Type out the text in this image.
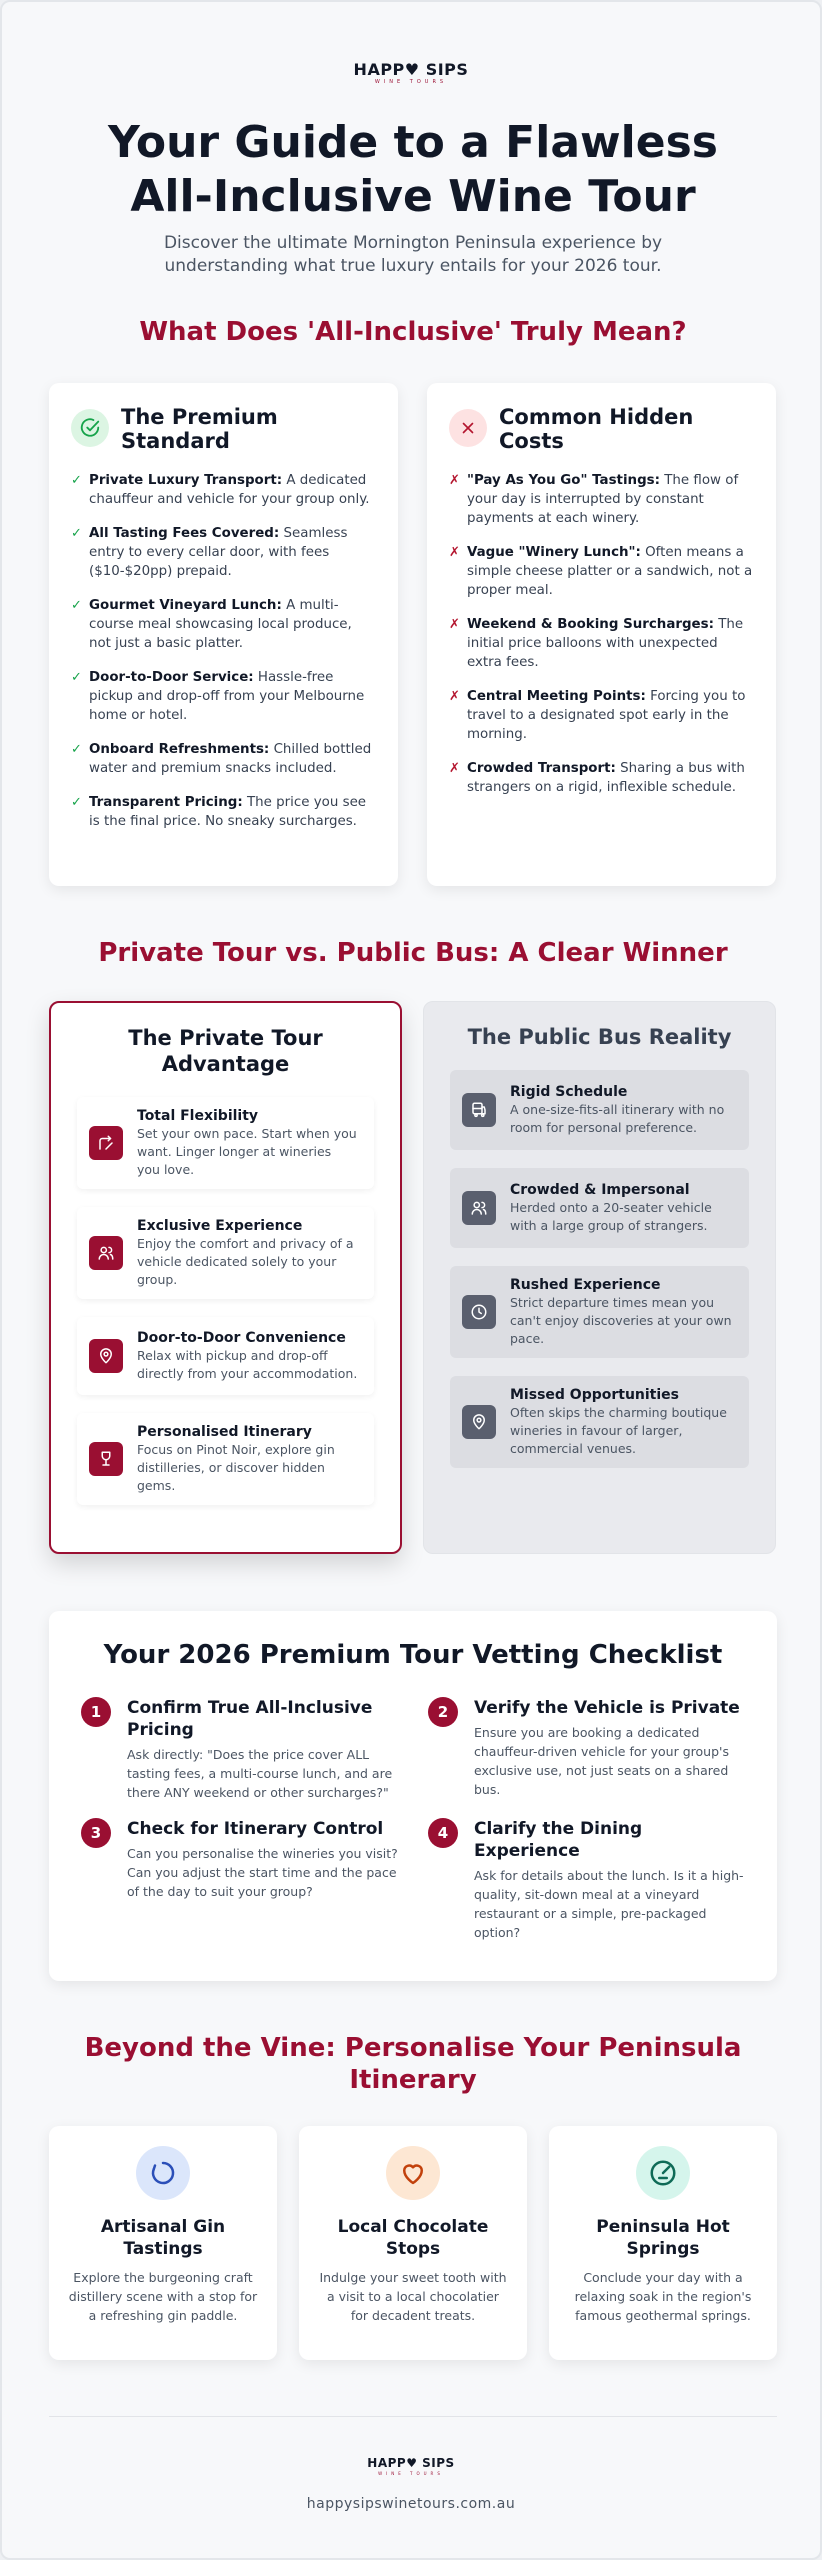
HAPP♥ SIPS
WINE TOURS
Your Guide to a Flawless All-Inclusive Wine Tour

Discover the ultimate Mornington Peninsula experience by understanding what true luxury entails for your 2026 tour.

What Does 'All-Inclusive' Truly Mean?
The Premium Standard
✓ Private Luxury Transport: A dedicated chauffeur and vehicle for your group only.
✓ All Tasting Fees Covered: Seamless entry to every cellar door, with fees ($10-$20pp) prepaid.
✓ Gourmet Vineyard Lunch: A multi-course meal showcasing local produce, not just a basic platter.
✓ Door-to-Door Service: Hassle-free pickup and drop-off from your Melbourne home or hotel.
✓ Onboard Refreshments: Chilled bottled water and premium snacks included.
✓ Transparent Pricing: The price you see is the final price. No sneaky surcharges.
Common Hidden Costs
✗ "Pay As You Go" Tastings: The flow of your day is interrupted by constant payments at each winery.
✗ Vague "Winery Lunch": Often means a simple cheese platter or a sandwich, not a proper meal.
✗ Weekend & Booking Surcharges: The initial price balloons with unexpected extra fees.
✗ Central Meeting Points: Forcing you to travel to a designated spot early in the morning.
✗ Crowded Transport: Sharing a bus with strangers on a rigid, inflexible schedule.
Private Tour vs. Public Bus: A Clear Winner
The Private Tour Advantage
Total Flexibility
Set your own pace. Start when you want. Linger longer at wineries you love.
Exclusive Experience
Enjoy the comfort and privacy of a vehicle dedicated solely to your group.
Door-to-Door Convenience
Relax with pickup and drop-off directly from your accommodation.
Personalised Itinerary
Focus on Pinot Noir, explore gin distilleries, or discover hidden gems.
The Public Bus Reality
Rigid Schedule
A one-size-fits-all itinerary with no room for personal preference.
Crowded & Impersonal
Herded onto a 20-seater vehicle with a large group of strangers.
Rushed Experience
Strict departure times mean you can't enjoy discoveries at your own pace.
Missed Opportunities
Often skips the charming boutique wineries in favour of larger, commercial venues.
Your 2026 Premium Tour Vetting Checklist
1	Confirm True All-Inclusive Pricing
Ask directly: "Does the price cover ALL tasting fees, a multi-course lunch, and are there ANY weekend or other surcharges?"
2	Verify the Vehicle is Private
Ensure you are booking a dedicated chauffeur-driven vehicle for your group's exclusive use, not just seats on a shared bus.
3	Check for Itinerary Control
Can you personalise the wineries you visit? Can you adjust the start time and the pace of the day to suit your group?
4	Clarify the Dining Experience
Ask for details about the lunch. Is it a high-quality, sit-down meal at a vineyard restaurant or a simple, pre-packaged option?
Beyond the Vine: Personalise Your Peninsula Itinerary
Artisanal Gin Tastings
Explore the burgeoning craft distillery scene with a stop for a refreshing gin paddle.
Local Chocolate Stops
Indulge your sweet tooth with a visit to a local chocolatier for decadent treats.
Peninsula Hot Springs
Conclude your day with a relaxing soak in the region's famous geothermal springs.
HAPP♥ SIPS
WINE TOURS
happysipswinetours.com.au
